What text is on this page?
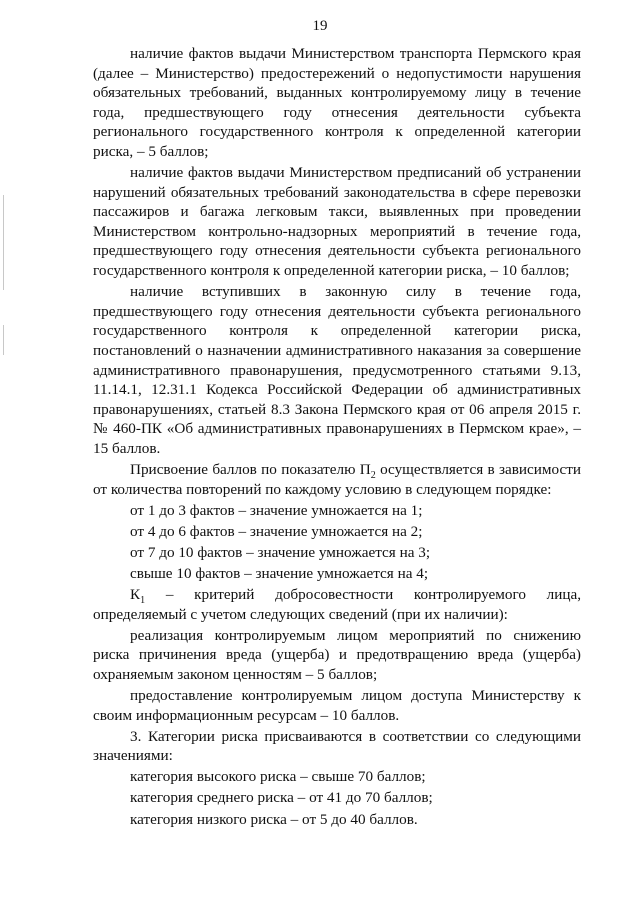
19

наличие фактов выдачи Министерством транспорта Пермского края (далее – Министерство) предостережений о недопустимости нарушения обязательных требований, выданных контролируемому лицу в течение года, предшествующего году отнесения деятельности субъекта регионального государственного контроля к определенной категории риска, – 5 баллов;

наличие фактов выдачи Министерством предписаний об устранении нарушений обязательных требований законодательства в сфере перевозки пассажиров и багажа легковым такси, выявленных при проведении Министерством контрольно-надзорных мероприятий в течение года, предшествующего году отнесения деятельности субъекта регионального государственного контроля к определенной категории риска, – 10 баллов;

наличие вступивших в законную силу в течение года, предшествующего году отнесения деятельности субъекта регионального государственного контроля к определенной категории риска, постановлений о назначении административного наказания за совершение административного правонарушения, предусмотренного статьями 9.13, 11.14.1, 12.31.1 Кодекса Российской Федерации об административных правонарушениях, статьей 8.3 Закона Пермского края от 06 апреля 2015 г. № 460-ПК «Об административных правонарушениях в Пермском крае», – 15 баллов.

Присвоение баллов по показателю $П_2$ осуществляется в зависимости от количества повторений по каждому условию в следующем порядке:

от 1 до 3 фактов – значение умножается на 1;

от 4 до 6 фактов – значение умножается на 2;

от 7 до 10 фактов – значение умножается на 3;

свыше 10 фактов – значение умножается на 4;

$К_1$ – критерий добросовестности контролируемого лица, определяемый с учетом следующих сведений (при их наличии):

реализация контролируемым лицом мероприятий по снижению риска причинения вреда (ущерба) и предотвращению вреда (ущерба) охраняемым законом ценностям – 5 баллов;

предоставление контролируемым лицом доступа Министерству к своим информационным ресурсам – 10 баллов.

3. Категории риска присваиваются в соответствии со следующими значениями:

категория высокого риска – свыше 70 баллов;

категория среднего риска – от 41 до 70 баллов;

категория низкого риска – от 5 до 40 баллов.
